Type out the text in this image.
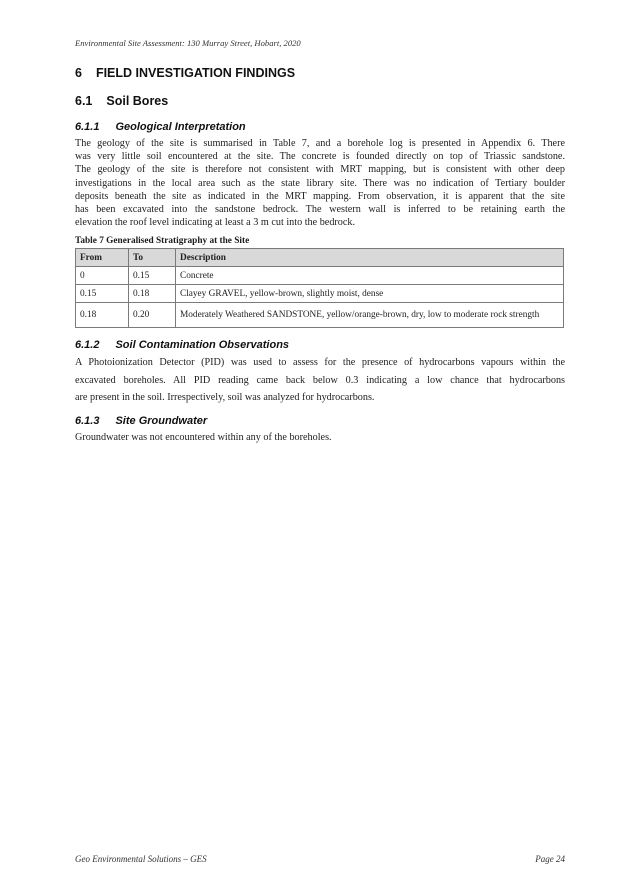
Environmental Site Assessment: 130 Murray Street, Hobart, 2020
6 FIELD INVESTIGATION FINDINGS
6.1 Soil Bores
6.1.1 Geological Interpretation
The geology of the site is summarised in Table 7, and a borehole log is presented in Appendix 6. There
was very little soil encountered at the site. The concrete is founded directly on top of Triassic sandstone.
The geology of the site is therefore not consistent with MRT mapping, but is consistent with other deep
investigations in the local area such as the state library site. There was no indication of Tertiary boulder
deposits beneath the site as indicated in the MRT mapping. From observation, it is apparent that the site
has been excavated into the sandstone bedrock. The western wall is inferred to be retaining earth the
elevation the roof level indicating at least a 3 m cut into the bedrock.
Table 7 Generalised Stratigraphy at the Site
From	To	Description
0	0.15	Concrete
0.15	0.18	Clayey GRAVEL, yellow-brown, slightly moist, dense
0.18	0.20	Moderately Weathered SANDSTONE, yellow/orange-brown, dry, low to moderate rock strength
6.1.2 Soil Contamination Observations
A Photoionization Detector (PID) was used to assess for the presence of hydrocarbons vapours within the
excavated boreholes. All PID reading came back below 0.3 indicating a low chance that hydrocarbons
are present in the soil. Irrespectively, soil was analyzed for hydrocarbons.
6.1.3 Site Groundwater
Groundwater was not encountered within any of the boreholes.
Geo Environmental Solutions – GES	Page 24
